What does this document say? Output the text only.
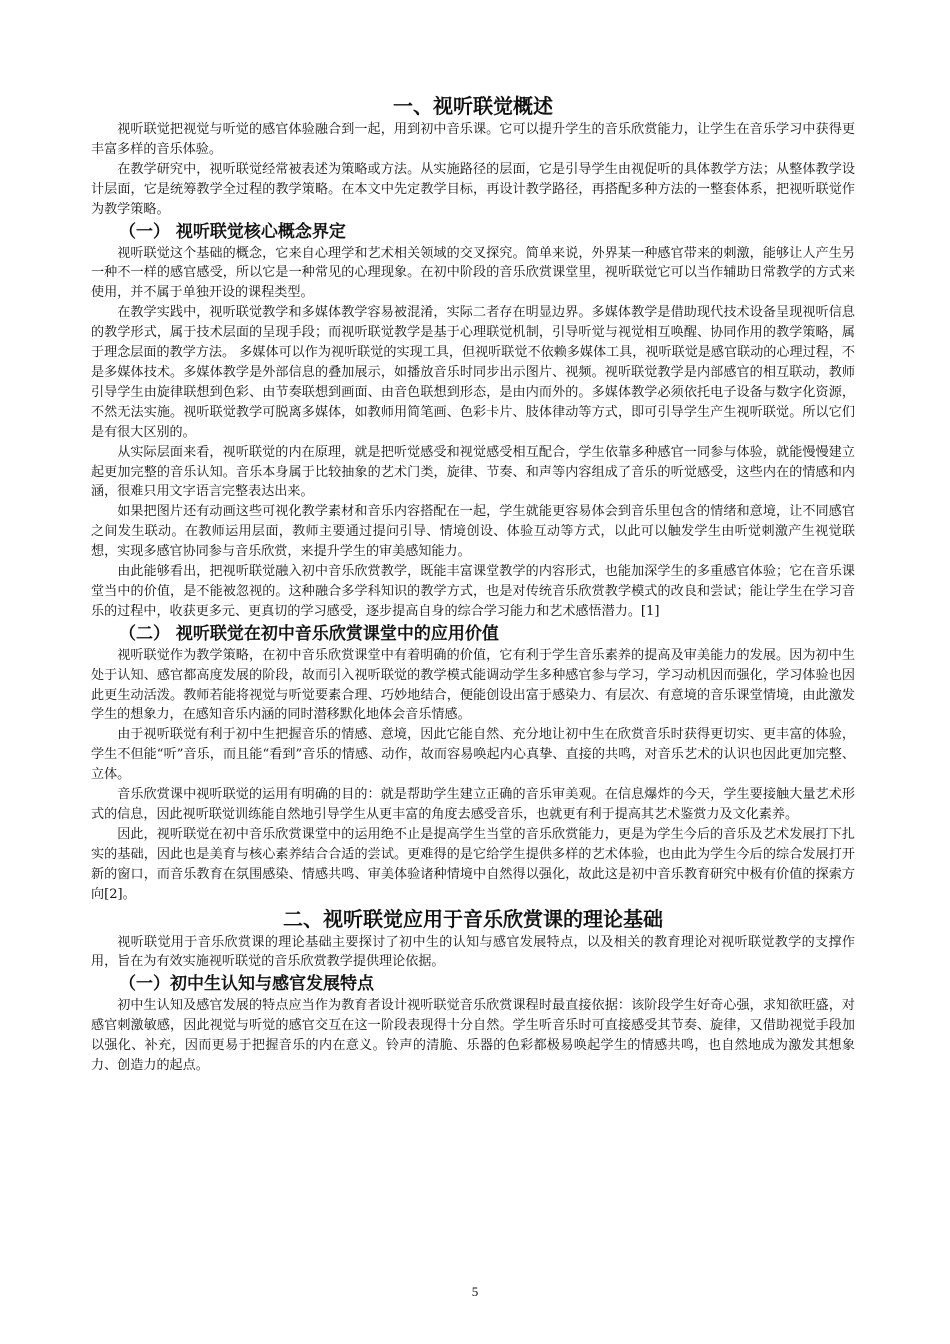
一、视听联觉概述

视听联觉把视觉与听觉的感官体验融合到一起，用到初中音乐课。它可以提升学生的音乐欣赏能力，让学生在音乐学习中获得更丰富多样的音乐体验。

在教学研究中，视听联觉经常被表述为策略或方法。从实施路径的层面，它是引导学生由视促听的具体教学方法；从整体教学设计层面，它是统筹教学全过程的教学策略。在本文中先定教学目标，再设计教学路径，再搭配多种方法的一整套体系，把视听联觉作为教学策略。

（一） 视听联觉核心概念界定

视听联觉这个基础的概念，它来自心理学和艺术相关领域的交叉探究。简单来说，外界某一种感官带来的刺激，能够让人产生另一种不一样的感官感受，所以它是一种常见的心理现象。在初中阶段的音乐欣赏课堂里，视听联觉它可以当作辅助日常教学的方式来使用，并不属于单独开设的课程类型。

在教学实践中，视听联觉教学和多媒体教学容易被混淆，实际二者存在明显边界。多媒体教学是借助现代技术设备呈现视听信息的教学形式，属于技术层面的呈现手段；而视听联觉教学是基于心理联觉机制，引导听觉与视觉相互唤醒、协同作用的教学策略，属于理念层面的教学方法。 多媒体可以作为视听联觉的实现工具，但视听联觉不依赖多媒体工具，视听联觉是感官联动的心理过程，不是多媒体技术。多媒体教学是外部信息的叠加展示，如播放音乐时同步出示图片、视频。视听联觉教学是内部感官的相互联动，教师引导学生由旋律联想到色彩、由节奏联想到画面、由音色联想到形态，是由内而外的。多媒体教学必须依托电子设备与数字化资源，不然无法实施。视听联觉教学可脱离多媒体，如教师用简笔画、色彩卡片、肢体律动等方式，即可引导学生产生视听联觉。所以它们是有很大区别的。

从实际层面来看，视听联觉的内在原理，就是把听觉感受和视觉感受相互配合，学生依靠多种感官一同参与体验，就能慢慢建立起更加完整的音乐认知。音乐本身属于比较抽象的艺术门类，旋律、节奏、和声等内容组成了音乐的听觉感受，这些内在的情感和内涵，很难只用文字语言完整表达出来。

如果把图片还有动画这些可视化教学素材和音乐内容搭配在一起，学生就能更容易体会到音乐里包含的情绪和意境，让不同感官之间发生联动。在教师运用层面，教师主要通过提问引导、情境创设、体验互动等方式，以此可以触发学生由听觉刺激产生视觉联想，实现多感官协同参与音乐欣赏，来提升学生的审美感知能力。

由此能够看出，把视听联觉融入初中音乐欣赏教学，既能丰富课堂教学的内容形式，也能加深学生的多重感官体验；它在音乐课堂当中的价值，是不能被忽视的。这种融合多学科知识的教学方式，也是对传统音乐欣赏教学模式的改良和尝试；能让学生在学习音乐的过程中，收获更多元、更真切的学习感受，逐步提高自身的综合学习能力和艺术感悟潜力。[1]

（二） 视听联觉在初中音乐欣赏课堂中的应用价值

视听联觉作为教学策略，在初中音乐欣赏课堂中有着明确的价值，它有利于学生音乐素养的提高及审美能力的发展。因为初中生处于认知、感官都高度发展的阶段，故而引入视听联觉的教学模式能调动学生多种感官参与学习，学习动机因而强化，学习体验也因此更生动活泼。教师若能将视觉与听觉要素合理、巧妙地结合，便能创设出富于感染力、有层次、有意境的音乐课堂情境，由此激发学生的想象力，在感知音乐内涵的同时潜移默化地体会音乐情感。

由于视听联觉有利于初中生把握音乐的情感、意境，因此它能自然、充分地让初中生在欣赏音乐时获得更切实、更丰富的体验，学生不但能“听”音乐，而且能“看到”音乐的情感、动作，故而容易唤起内心真挚、直接的共鸣，对音乐艺术的认识也因此更加完整、立体。

音乐欣赏课中视听联觉的运用有明确的目的：就是帮助学生建立正确的音乐审美观。在信息爆炸的今天，学生要接触大量艺术形式的信息，因此视听联觉训练能自然地引导学生从更丰富的角度去感受音乐，也就更有利于提高其艺术鉴赏力及文化素养。

因此，视听联觉在初中音乐欣赏课堂中的运用绝不止是提高学生当堂的音乐欣赏能力，更是为学生今后的音乐及艺术发展打下扎实的基础，因此也是美育与核心素养结合合适的尝试。更难得的是它给学生提供多样的艺术体验，也由此为学生今后的综合发展打开新的窗口，而音乐教育在氛围感染、情感共鸣、审美体验诸种情境中自然得以强化，故此这是初中音乐教育研究中极有价值的探索方向[2]。

二、视听联觉应用于音乐欣赏课的理论基础

视听联觉用于音乐欣赏课的理论基础主要探讨了初中生的认知与感官发展特点，以及相关的教育理论对视听联觉教学的支撑作用，旨在为有效实施视听联觉的音乐欣赏教学提供理论依据。

（一）初中生认知与感官发展特点

初中生认知及感官发展的特点应当作为教育者设计视听联觉音乐欣赏课程时最直接依据：该阶段学生好奇心强，求知欲旺盛，对感官刺激敏感，因此视觉与听觉的感官交互在这一阶段表现得十分自然。学生听音乐时可直接感受其节奏、旋律，又借助视觉手段加以强化、补充，因而更易于把握音乐的内在意义。铃声的清脆、乐器的色彩都极易唤起学生的情感共鸣，也自然地成为激发其想象力、创造力的起点。

5
